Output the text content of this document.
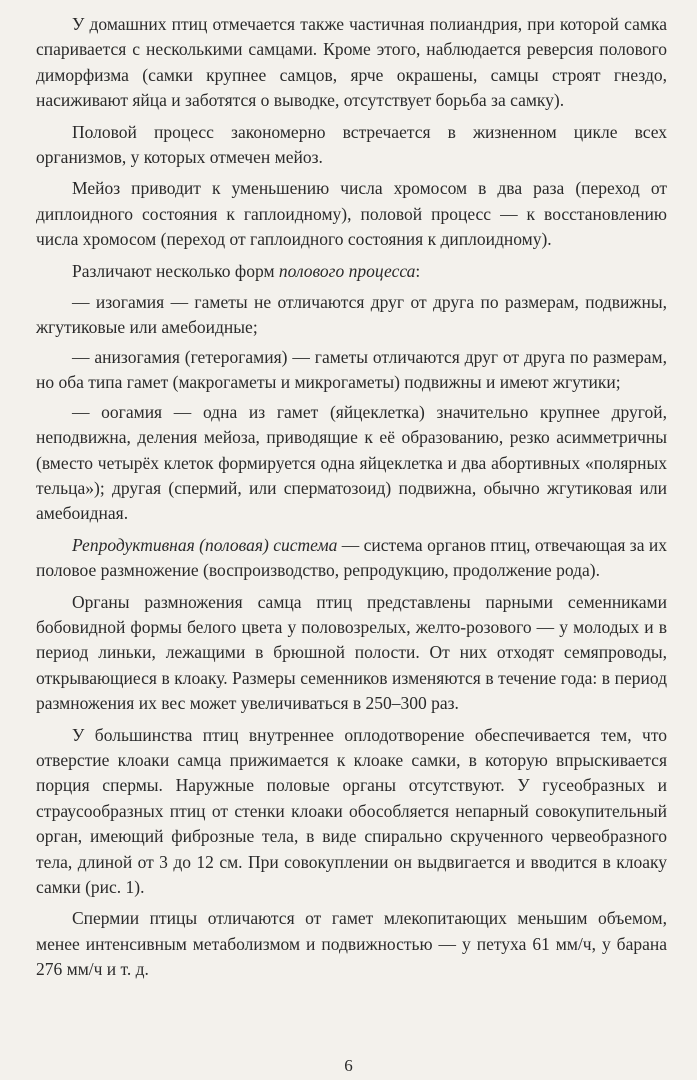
У домашних птиц отмечается также частичная полиандрия, при которой самка спаривается с несколькими самцами. Кроме этого, наблюдается реверсия полового диморфизма (самки крупнее самцов, ярче окрашены, самцы строят гнездо, насиживают яйца и заботятся о выводке, отсутствует борьба за самку).

Половой процесс закономерно встречается в жизненном цикле всех организмов, у которых отмечен мейоз.

Мейоз приводит к уменьшению числа хромосом в два раза (переход от диплоидного состояния к гаплоидному), половой процесс — к восстановлению числа хромосом (переход от гаплоидного состояния к диплоидному).

Различают несколько форм полового процесса:

— изогамия — гаметы не отличаются друг от друга по размерам, подвижны, жгутиковые или амебоидные;

— анизогамия (гетерогамия) — гаметы отличаются друг от друга по размерам, но оба типа гамет (макрогаметы и микрогаметы) подвижны и имеют жгутики;

— оогамия — одна из гамет (яйцеклетка) значительно крупнее другой, неподвижна, деления мейоза, приводящие к её образованию, резко асимметричны (вместо четырёх клеток формируется одна яйцеклетка и два абортивных «полярных тельца»); другая (спермий, или сперматозоид) подвижна, обычно жгутиковая или амебоидная.

Репродуктивная (половая) система — система органов птиц, отвечающая за их половое размножение (воспроизводство, репродукцию, продолжение рода).

Органы размножения самца птиц представлены парными семенниками бобовидной формы белого цвета у половозрелых, желто-розового — у молодых и в период линьки, лежащими в брюшной полости. От них отходят семяпроводы, открывающиеся в клоаку. Размеры семенников изменяются в течение года: в период размножения их вес может увеличиваться в 250–300 раз.

У большинства птиц внутреннее оплодотворение обеспечивается тем, что отверстие клоаки самца прижимается к клоаке самки, в которую впрыскивается порция спермы. Наружные половые органы отсутствуют. У гусеобразных и страусообразных птиц от стенки клоаки обособляется непарный совокупительный орган, имеющий фиброзные тела, в виде спирально скрученного червеобразного тела, длиной от 3 до 12 см. При совокуплении он выдвигается и вводится в клоаку самки (рис. 1).

Спермии птицы отличаются от гамет млекопитающих меньшим объемом, менее интенсивным метаболизмом и подвижностью — у петуха 61 мм/ч, у барана 276 мм/ч и т. д.

6
